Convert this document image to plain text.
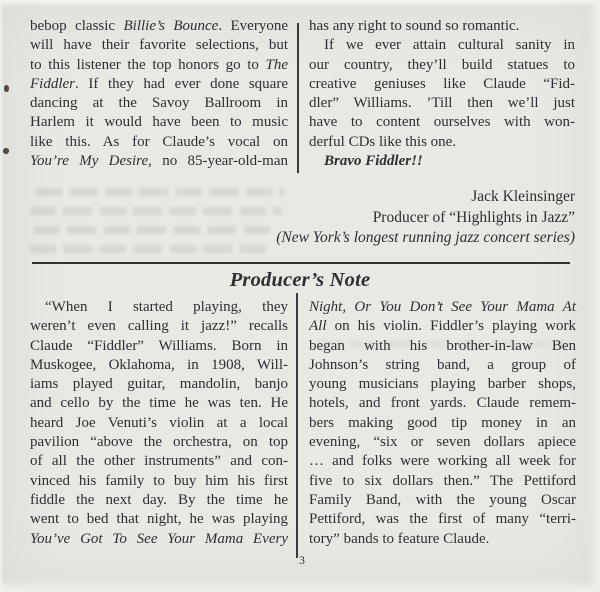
bebop classic Billie’s Bounce. Everyone
will have their favorite selections, but
to this listener the top honors go to The
Fiddler. If they had ever done square
dancing at the Savoy Ballroom in
Harlem it would have been to music
like this. As for Claude’s vocal on
You’re My Desire, no 85-year-old-man
has any right to sound so romantic.
If we ever attain cultural sanity in
our country, they’ll build statues to
creative geniuses like Claude “Fid-
dler” Williams. ’Till then we’ll just
have to content ourselves with won-
derful CDs like this one.
Bravo Fiddler!!
Jack Kleinsinger
Producer of “Highlights in Jazz”
(New York’s longest running jazz concert series)
Producer’s Note
“When I started playing, they
weren’t even calling it jazz!” recalls
Claude “Fiddler” Williams. Born in
Muskogee, Oklahoma, in 1908, Will-
iams played guitar, mandolin, banjo
and cello by the time he was ten. He
heard Joe Venuti’s violin at a local
pavilion “above the orchestra, on top
of all the other instruments” and con-
vinced his family to buy him his first
fiddle the next day. By the time he
went to bed that night, he was playing
You’ve Got To See Your Mama Every
Night, Or You Don’t See Your Mama At
All on his violin. Fiddler’s playing work
began with his brother-in-law Ben
Johnson’s string band, a group of
young musicians playing barber shops,
hotels, and front yards. Claude remem-
bers making good tip money in an
evening, “six or seven dollars apiece
… and folks were working all week for
five to six dollars then.” The Pettiford
Family Band, with the young Oscar
Pettiford, was the first of many “terri-
tory” bands to feature Claude.
3
